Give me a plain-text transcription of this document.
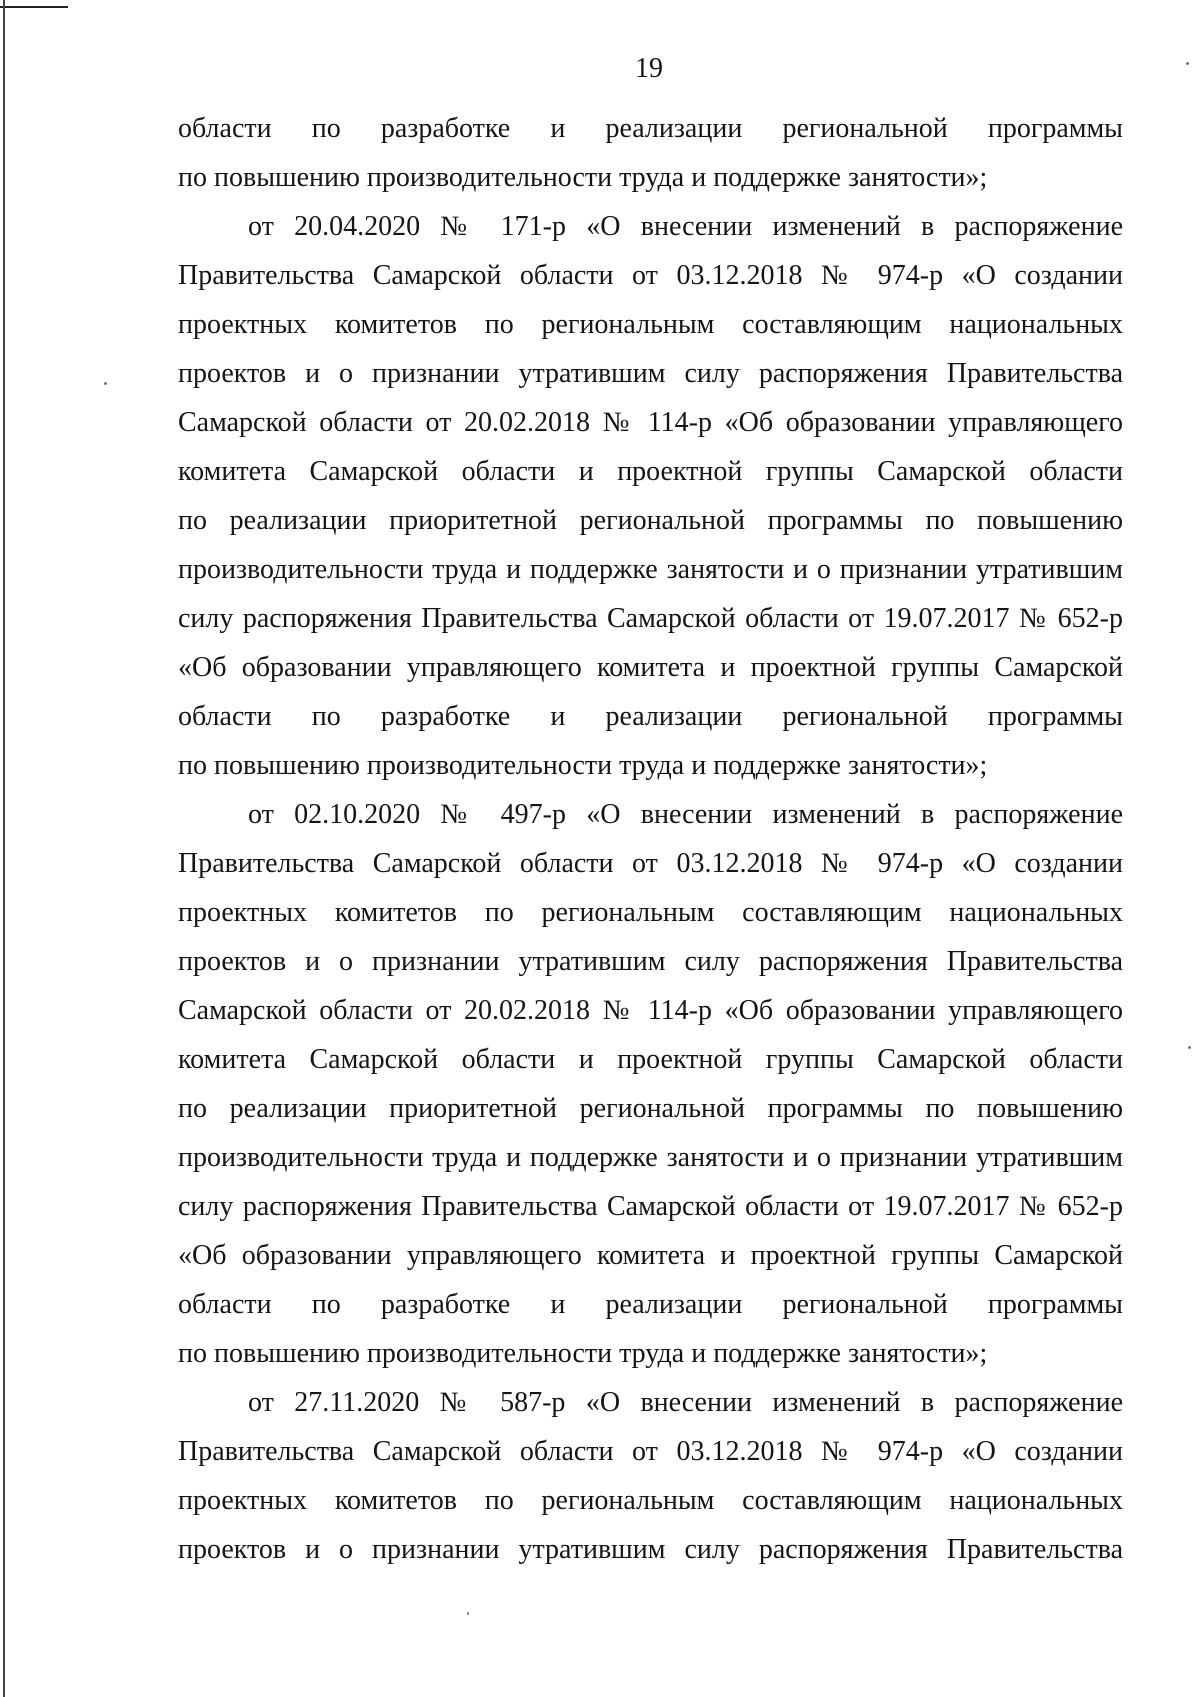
19
области по разработке и реализации региональной программы
по повышению производительности труда и поддержке занятости»;
от 20.04.2020 № 171-р «О внесении изменений в распоряжение
Правительства Самарской области от 03.12.2018 № 974-р «О создании
проектных комитетов по региональным составляющим национальных
проектов и о признании утратившим силу распоряжения Правительства
Самарской области от 20.02.2018 № 114-р «Об образовании управляющего
комитета Самарской области и проектной группы Самарской области
по реализации приоритетной региональной программы по повышению
производительности труда и поддержке занятости и о признании утратившим
силу распоряжения Правительства Самарской области от 19.07.2017 № 652-р
«Об образовании управляющего комитета и проектной группы Самарской
области по разработке и реализации региональной программы
по повышению производительности труда и поддержке занятости»;
от 02.10.2020 № 497-р «О внесении изменений в распоряжение
Правительства Самарской области от 03.12.2018 № 974-р «О создании
проектных комитетов по региональным составляющим национальных
проектов и о признании утратившим силу распоряжения Правительства
Самарской области от 20.02.2018 № 114-р «Об образовании управляющего
комитета Самарской области и проектной группы Самарской области
по реализации приоритетной региональной программы по повышению
производительности труда и поддержке занятости и о признании утратившим
силу распоряжения Правительства Самарской области от 19.07.2017 № 652-р
«Об образовании управляющего комитета и проектной группы Самарской
области по разработке и реализации региональной программы
по повышению производительности труда и поддержке занятости»;
от 27.11.2020 № 587-р «О внесении изменений в распоряжение
Правительства Самарской области от 03.12.2018 № 974-р «О создании
проектных комитетов по региональным составляющим национальных
проектов и о признании утратившим силу распоряжения Правительства
